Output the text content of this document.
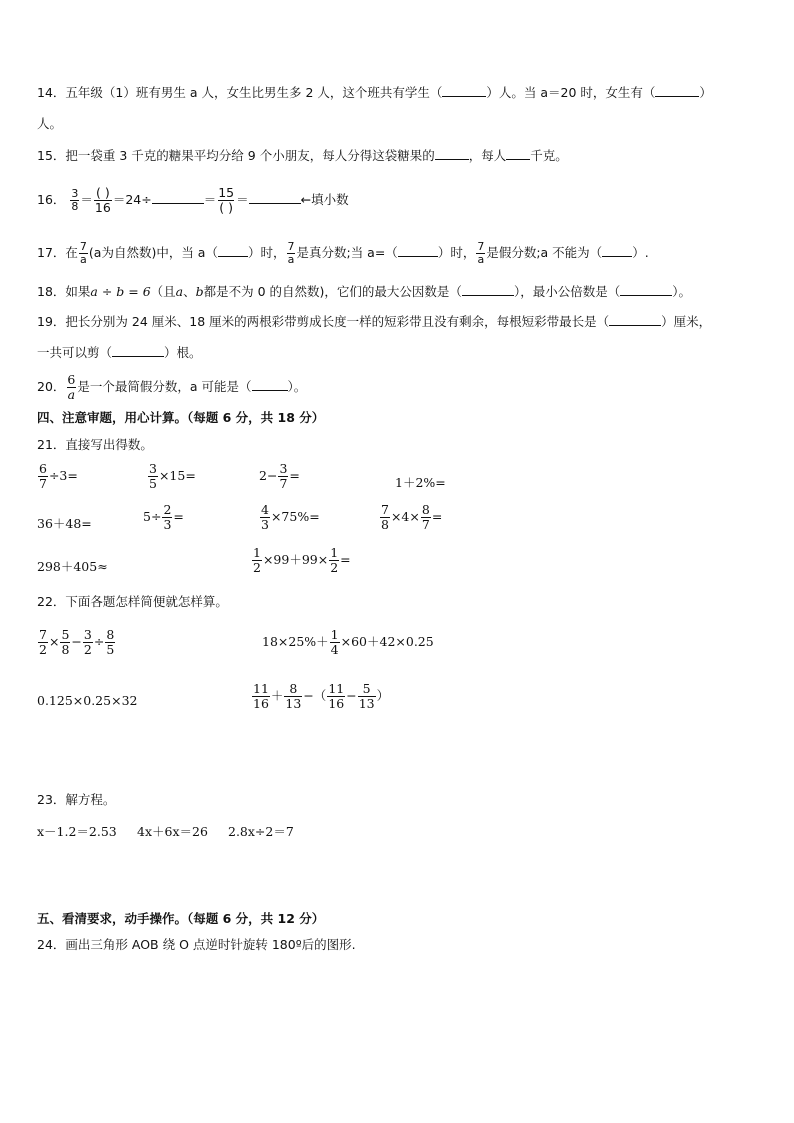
14．五年级（1）班有男生 a 人，女生比男生多 2 人，这个班共有学生（	）人。当 a＝20 时，女生有（	）
人。
15．把一袋重 3 千克的糖果平均分给 9 个小朋友，每人分得这袋糖果的	，每人 千克。
16． $\frac{3}{8} = \frac{( )}{16} =24\div$	＝ $\frac{15}{( )}$ ＝	←填小数
17．在 $\frac{7}{a} (a$为自然数)中，当 a（ ）时， $\frac{7}{a}$ 是真分数;当 a=（	）时， $\frac{7}{a}$ 是假分数;a 不能为（ ）.
18．如果a ÷ b = 6（且a、b都是不为 0 的自然数)，它们的最大公因数是（	），最小公倍数是（	）。
19．把长分别为 24 厘米、18 厘米的两根彩带剪成长度一样的短彩带且没有剩余，每根短彩带最长是（	）厘米，
一共可以剪（	）根。
20． $\frac{6}{a}$ 是一个最简假分数，a 可能是（	）。
四、注意审题，用心计算。（每题 6 分，共 18 分）
21．直接写出得数。
$\frac{6}{7} \div 3=$	$\frac{3}{5} \times 15=$	$2- \frac{3}{7}$ =	1＋2%=
36＋48=	$5\div \frac{2}{3}$ =	$\frac{4}{3} \times 75\%=$	$\frac{7}{8} \times 4\times \frac{8}{7}$ =
298＋405≈	$\frac{1}{2} \times 99+99\times \frac{1}{2}$ =
22．下面各题怎样简便就怎样算。
$\frac{7}{2} \times \frac{5}{8} - \frac{3}{2} \div \frac{8}{5}$	$18\times 25\%+ \frac{1}{4} \times 60+42\times 0.25$
0.125×0.25×32	$\frac{11}{16} + \frac{8}{13}$ −（ $\frac{11}{16} - \frac{5}{13}$ ）
23．解方程。
x－1.2＝2.53 4x＋6x＝26 2.8x÷2＝7
五、看清要求，动手操作。（每题 6 分，共 12 分）
24．画出三角形 AOB 绕 O 点逆时针旋转 180º后的图形.
